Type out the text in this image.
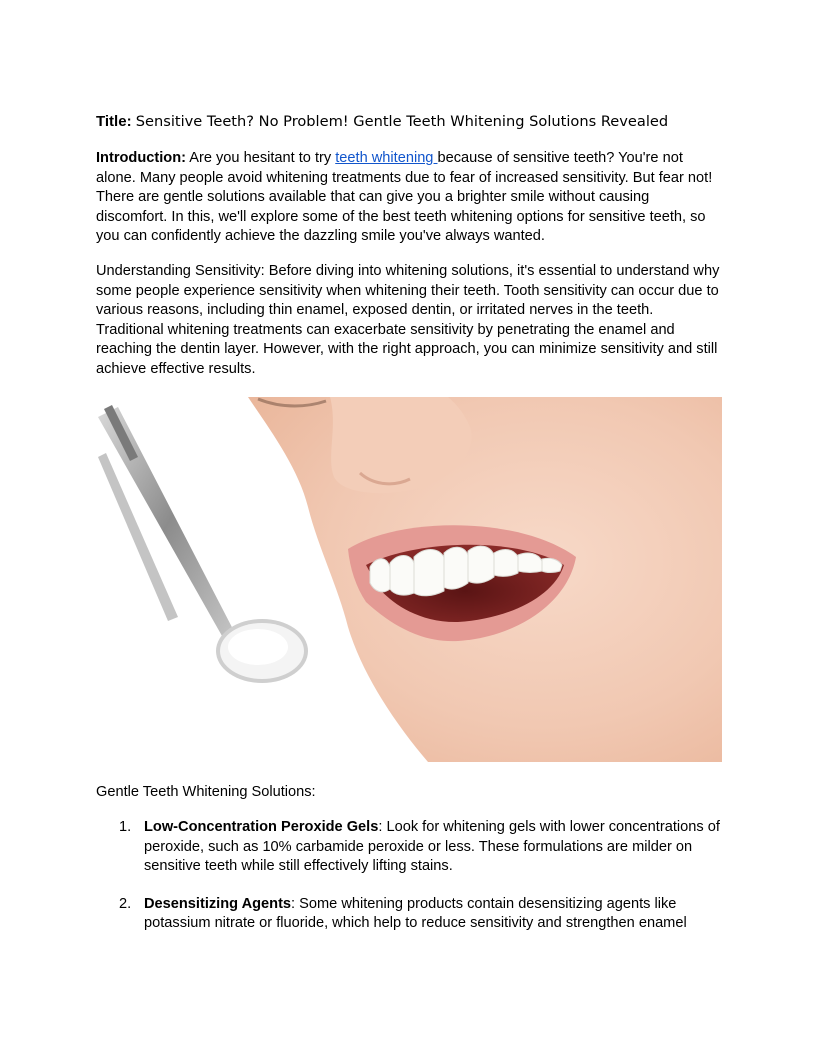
Title: Sensitive Teeth? No Problem! Gentle Teeth Whitening Solutions Revealed

Introduction: Are you hesitant to try teeth whitening because of sensitive teeth? You're not alone. Many people avoid whitening treatments due to fear of increased sensitivity. But fear not! There are gentle solutions available that can give you a brighter smile without causing discomfort. In this, we'll explore some of the best teeth whitening options for sensitive teeth, so you can confidently achieve the dazzling smile you've always wanted.

Understanding Sensitivity: Before diving into whitening solutions, it's essential to understand why some people experience sensitivity when whitening their teeth. Tooth sensitivity can occur due to various reasons, including thin enamel, exposed dentin, or irritated nerves in the teeth. Traditional whitening treatments can exacerbate sensitivity by penetrating the enamel and reaching the dentin layer. However, with the right approach, you can minimize sensitivity and still achieve effective results.

Gentle Teeth Whitening Solutions:
1. Low-Concentration Peroxide Gels: Look for whitening gels with lower concentrations of peroxide, such as 10% carbamide peroxide or less. These formulations are milder on sensitive teeth while still effectively lifting stains.
2. Desensitizing Agents: Some whitening products contain desensitizing agents like potassium nitrate or fluoride, which help to reduce sensitivity and strengthen enamel
